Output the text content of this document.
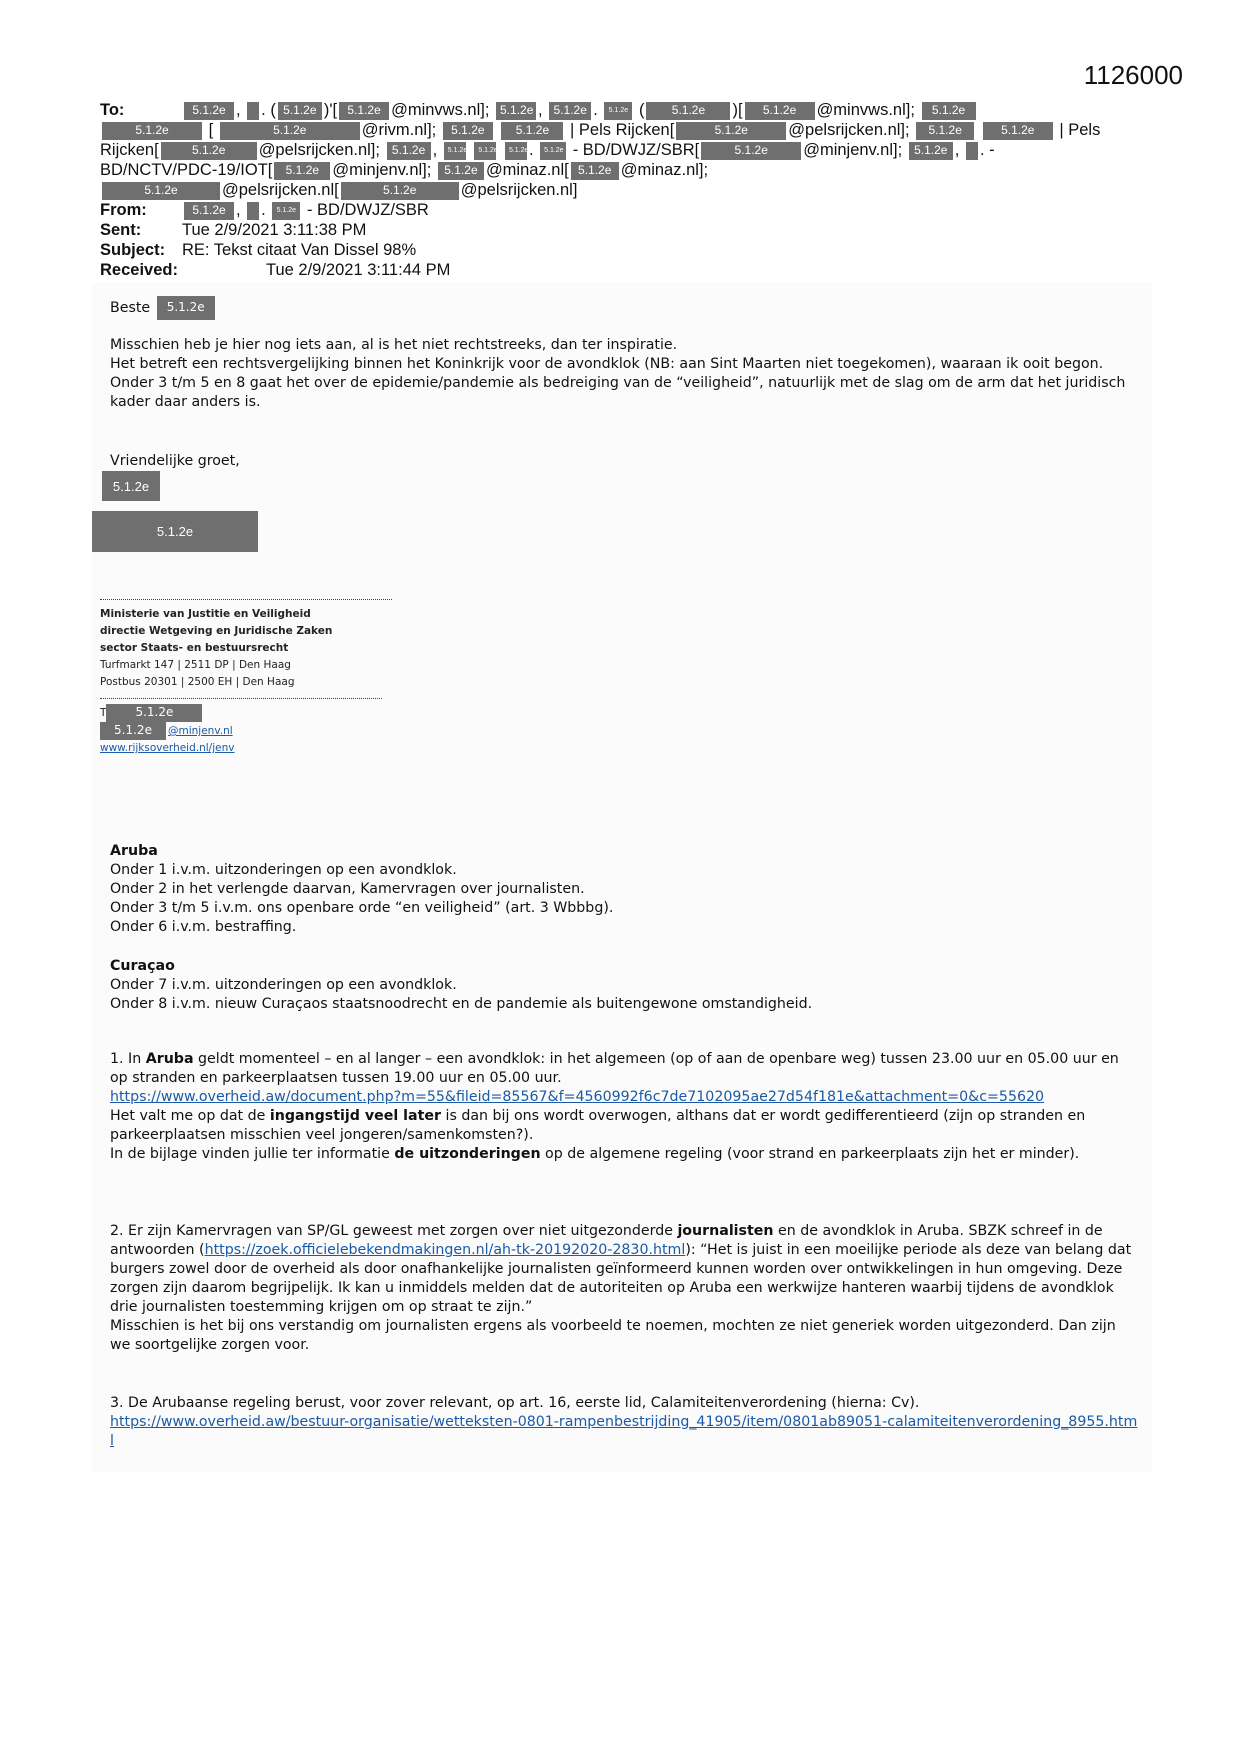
1126000
To:	5.1.2e , . ( 5.1.2e )'[ 5.1.2e @minvws.nl]; 5.1.2e , 5.1.2e . 5.1.2e ( 5.1.2e )[ 5.1.2e @minvws.nl]; 5.1.2e
5.1.2e [	5.1.2e	@rivm.nl]; 5.1.2e	5.1.2e | Pels Rijcken[	5.1.2e @pelsrijcken.nl]; 5.1.2e	5.1.2e | Pels
Rijcken[	5.1.2e @pelsrijcken.nl]; 5.1.2e , 5.1.2e 5.1.2e 5.1.2e. 5.1.2e - BD/DWJZ/SBR[	5.1.2e @minjenv.nl]; 5.1.2e , . -
BD/NCTV/PDC-19/IOT[ 5.1.2e @minjenv.nl]; 5.1.2e @minaz.nl[ 5.1.2e @minaz.nl];
5.1.2e	@pelsrijcken.nl[	5.1.2e	@pelsrijcken.nl]
From:	5.1.2e , . 5.1.2e - BD/DWJZ/SBR
Sent: Tue 2/9/2021 3:11:38 PM
Subject: RE: Tekst citaat Van Dissel 98%
Received:	Tue 2/9/2021 3:11:44 PM
Beste 5.1.2e

Misschien heb je hier nog iets aan, al is het niet rechtstreeks, dan ter inspiratie.

Het betreft een rechtsvergelijking binnen het Koninkrijk voor de avondklok (NB: aan Sint Maarten niet toegekomen), waaraan ik ooit begon.

Onder 3 t/m 5 en 8 gaat het over de epidemie/pandemie als bedreiging van de “veiligheid”, natuurlijk met de slag om de arm dat het juridisch kader daar anders is.

Vriendelijke groet,
5.1.2e
5.1.2e
Ministerie van Justitie en Veiligheid
directie Wetgeving en Juridische Zaken
sector Staats- en bestuursrecht
Turfmarkt 147 | 2511 DP | Den Haag
Postbus 20301 | 2500 EH | Den Haag
T 5.1.2e
5.1.2e @minjenv.nl
www.rijksoverheid.nl/jenv

Aruba

Onder 1 i.v.m. uitzonderingen op een avondklok.

Onder 2 in het verlengde daarvan, Kamervragen over journalisten.

Onder 3 t/m 5 i.v.m. ons openbare orde “en veiligheid” (art. 3 Wbbbg).

Onder 6 i.v.m. bestraffing.

Curaçao

Onder 7 i.v.m. uitzonderingen op een avondklok.

Onder 8 i.v.m. nieuw Curaçaos staatsnoodrecht en de pandemie als buitengewone omstandigheid.

1. In Aruba geldt momenteel – en al langer – een avondklok: in het algemeen (op of aan de openbare weg) tussen 23.00 uur en 05.00 uur en op stranden en parkeerplaatsen tussen 19.00 uur en 05.00 uur.

https://www.overheid.aw/document.php?m=55&fileid=85567&f=4560992f6c7de7102095ae27d54f181e&attachment=0&c=55620

Het valt me op dat de ingangstijd veel later is dan bij ons wordt overwogen, althans dat er wordt gedifferentieerd (zijn op stranden en parkeerplaatsen misschien veel jongeren/samenkomsten?).

In de bijlage vinden jullie ter informatie de uitzonderingen op de algemene regeling (voor strand en parkeerplaats zijn het er minder).

2. Er zijn Kamervragen van SP/GL geweest met zorgen over niet uitgezonderde journalisten en de avondklok in Aruba. SBZK schreef in de antwoorden (https://zoek.officielebekendmakingen.nl/ah-tk-20192020-2830.html): “Het is juist in een moeilijke periode als deze van belang dat burgers zowel door de overheid als door onafhankelijke journalisten geïnformeerd kunnen worden over ontwikkelingen in hun omgeving. Deze zorgen zijn daarom begrijpelijk. Ik kan u inmiddels melden dat de autoriteiten op Aruba een werkwijze hanteren waarbij tijdens de avondklok drie journalisten toestemming krijgen om op straat te zijn.”

Misschien is het bij ons verstandig om journalisten ergens als voorbeeld te noemen, mochten ze niet generiek worden uitgezonderd. Dan zijn we soortgelijke zorgen voor.

3. De Arubaanse regeling berust, voor zover relevant, op art. 16, eerste lid, Calamiteitenverordening (hierna: Cv).

https://www.overheid.aw/bestuur-organisatie/wetteksten-0801-rampenbestrijding_41905/item/0801ab89051-calamiteitenverordening_8955.html
